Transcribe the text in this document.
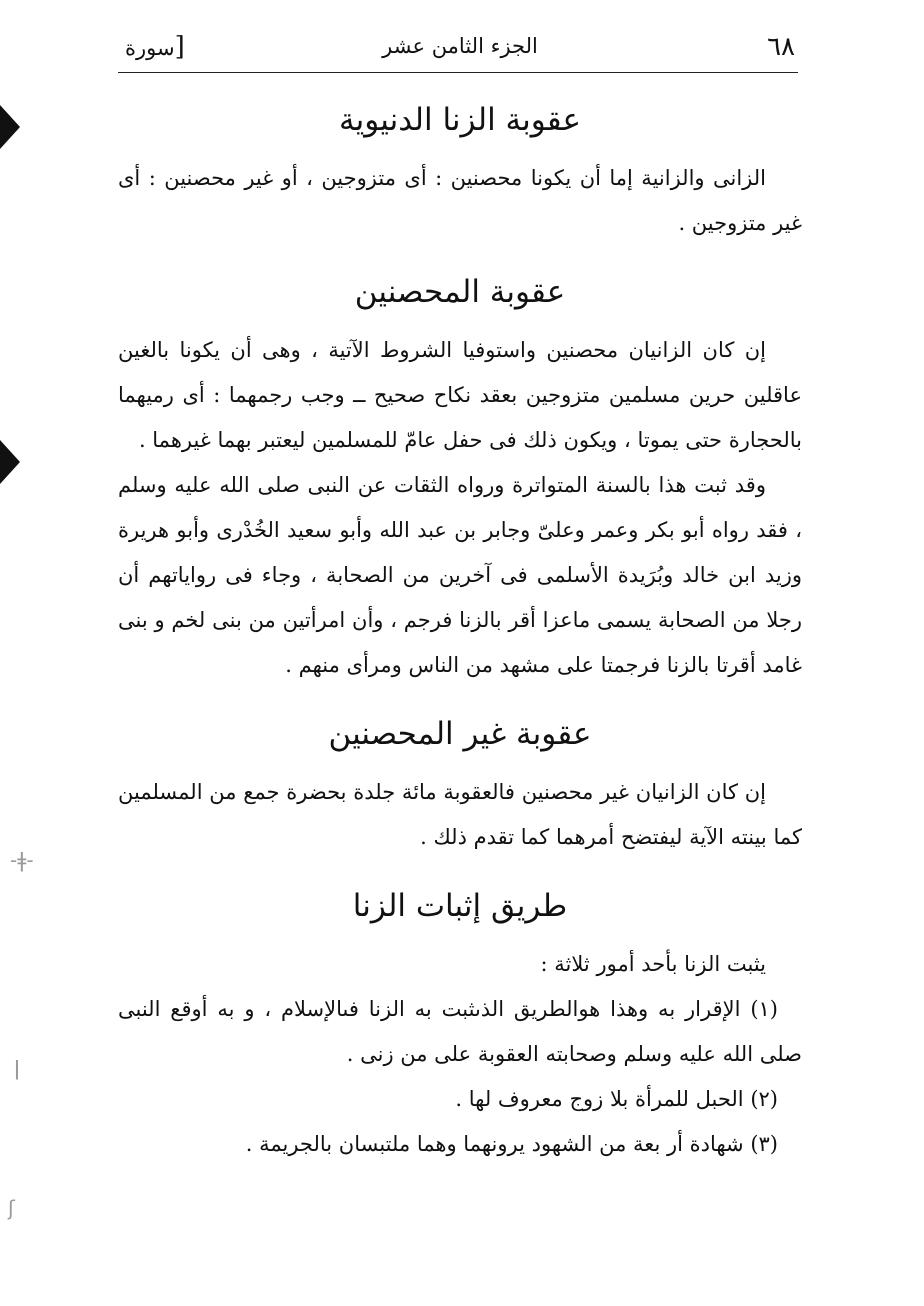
٦٨
الجزء الثامن عشر
[سورة
عقوبة الزنا الدنيوية

الزانى والزانية إما أن يكونا محصنين : أى متزوجين ، أو غير محصنين : أى غير متزوجين .

عقوبة المحصنين

إن كان الزانيان محصنين واستوفيا الشروط الآتية ، وهى أن يكونا بالغين عاقلين حرين مسلمين متزوجين بعقد نكاح صحيح ــ وجب رجمهما : أى رميهما بالحجارة حتى يموتا ، ويكون ذلك فى حفل عامّ للمسلمين ليعتبر بهما غيرهما .

وقد ثبت هذا بالسنة المتواترة ورواه الثقات عن النبى صلى الله عليه وسلم ، فقد رواه أبو بكر وعمر وعلىّ وجابر بن عبد الله وأبو سعيد الخُدْرى وأبو هريرة وزيد ابن خالد وبُرَيدة الأسلمى فى آخرين من الصحابة ، وجاء فى رواياتهم أن رجلا من الصحابة يسمى ماعزا أقر بالزنا فرجم ، وأن امرأتين من بنى لخم و بنى غامد أقرتا بالزنا فرجمتا على مشهد من الناس ومرأى منهم .

عقوبة غير المحصنين

إن كان الزانيان غير محصنين فالعقوبة مائة جلدة بحضرة جمع من المسلمين كما بينته الآية ليفتضح أمرهما كما تقدم ذلك .

طريق إثبات الزنا

يثبت الزنا بأحد أمور ثلاثة :

(١) الإقرار به وهذا هوالطريق الذىثبت به الزنا فىالإسلام ، و به أوقع النبى صلى الله عليه وسلم وصحابته العقوبة على من زنى .

(٢) الحبل للمرأة بلا زوج معروف لها .

(٣) شهادة أر بعة من الشهود يرونهما وهما ملتبسان بالجريمة .

-ǂ-
ǀ
ʃ
